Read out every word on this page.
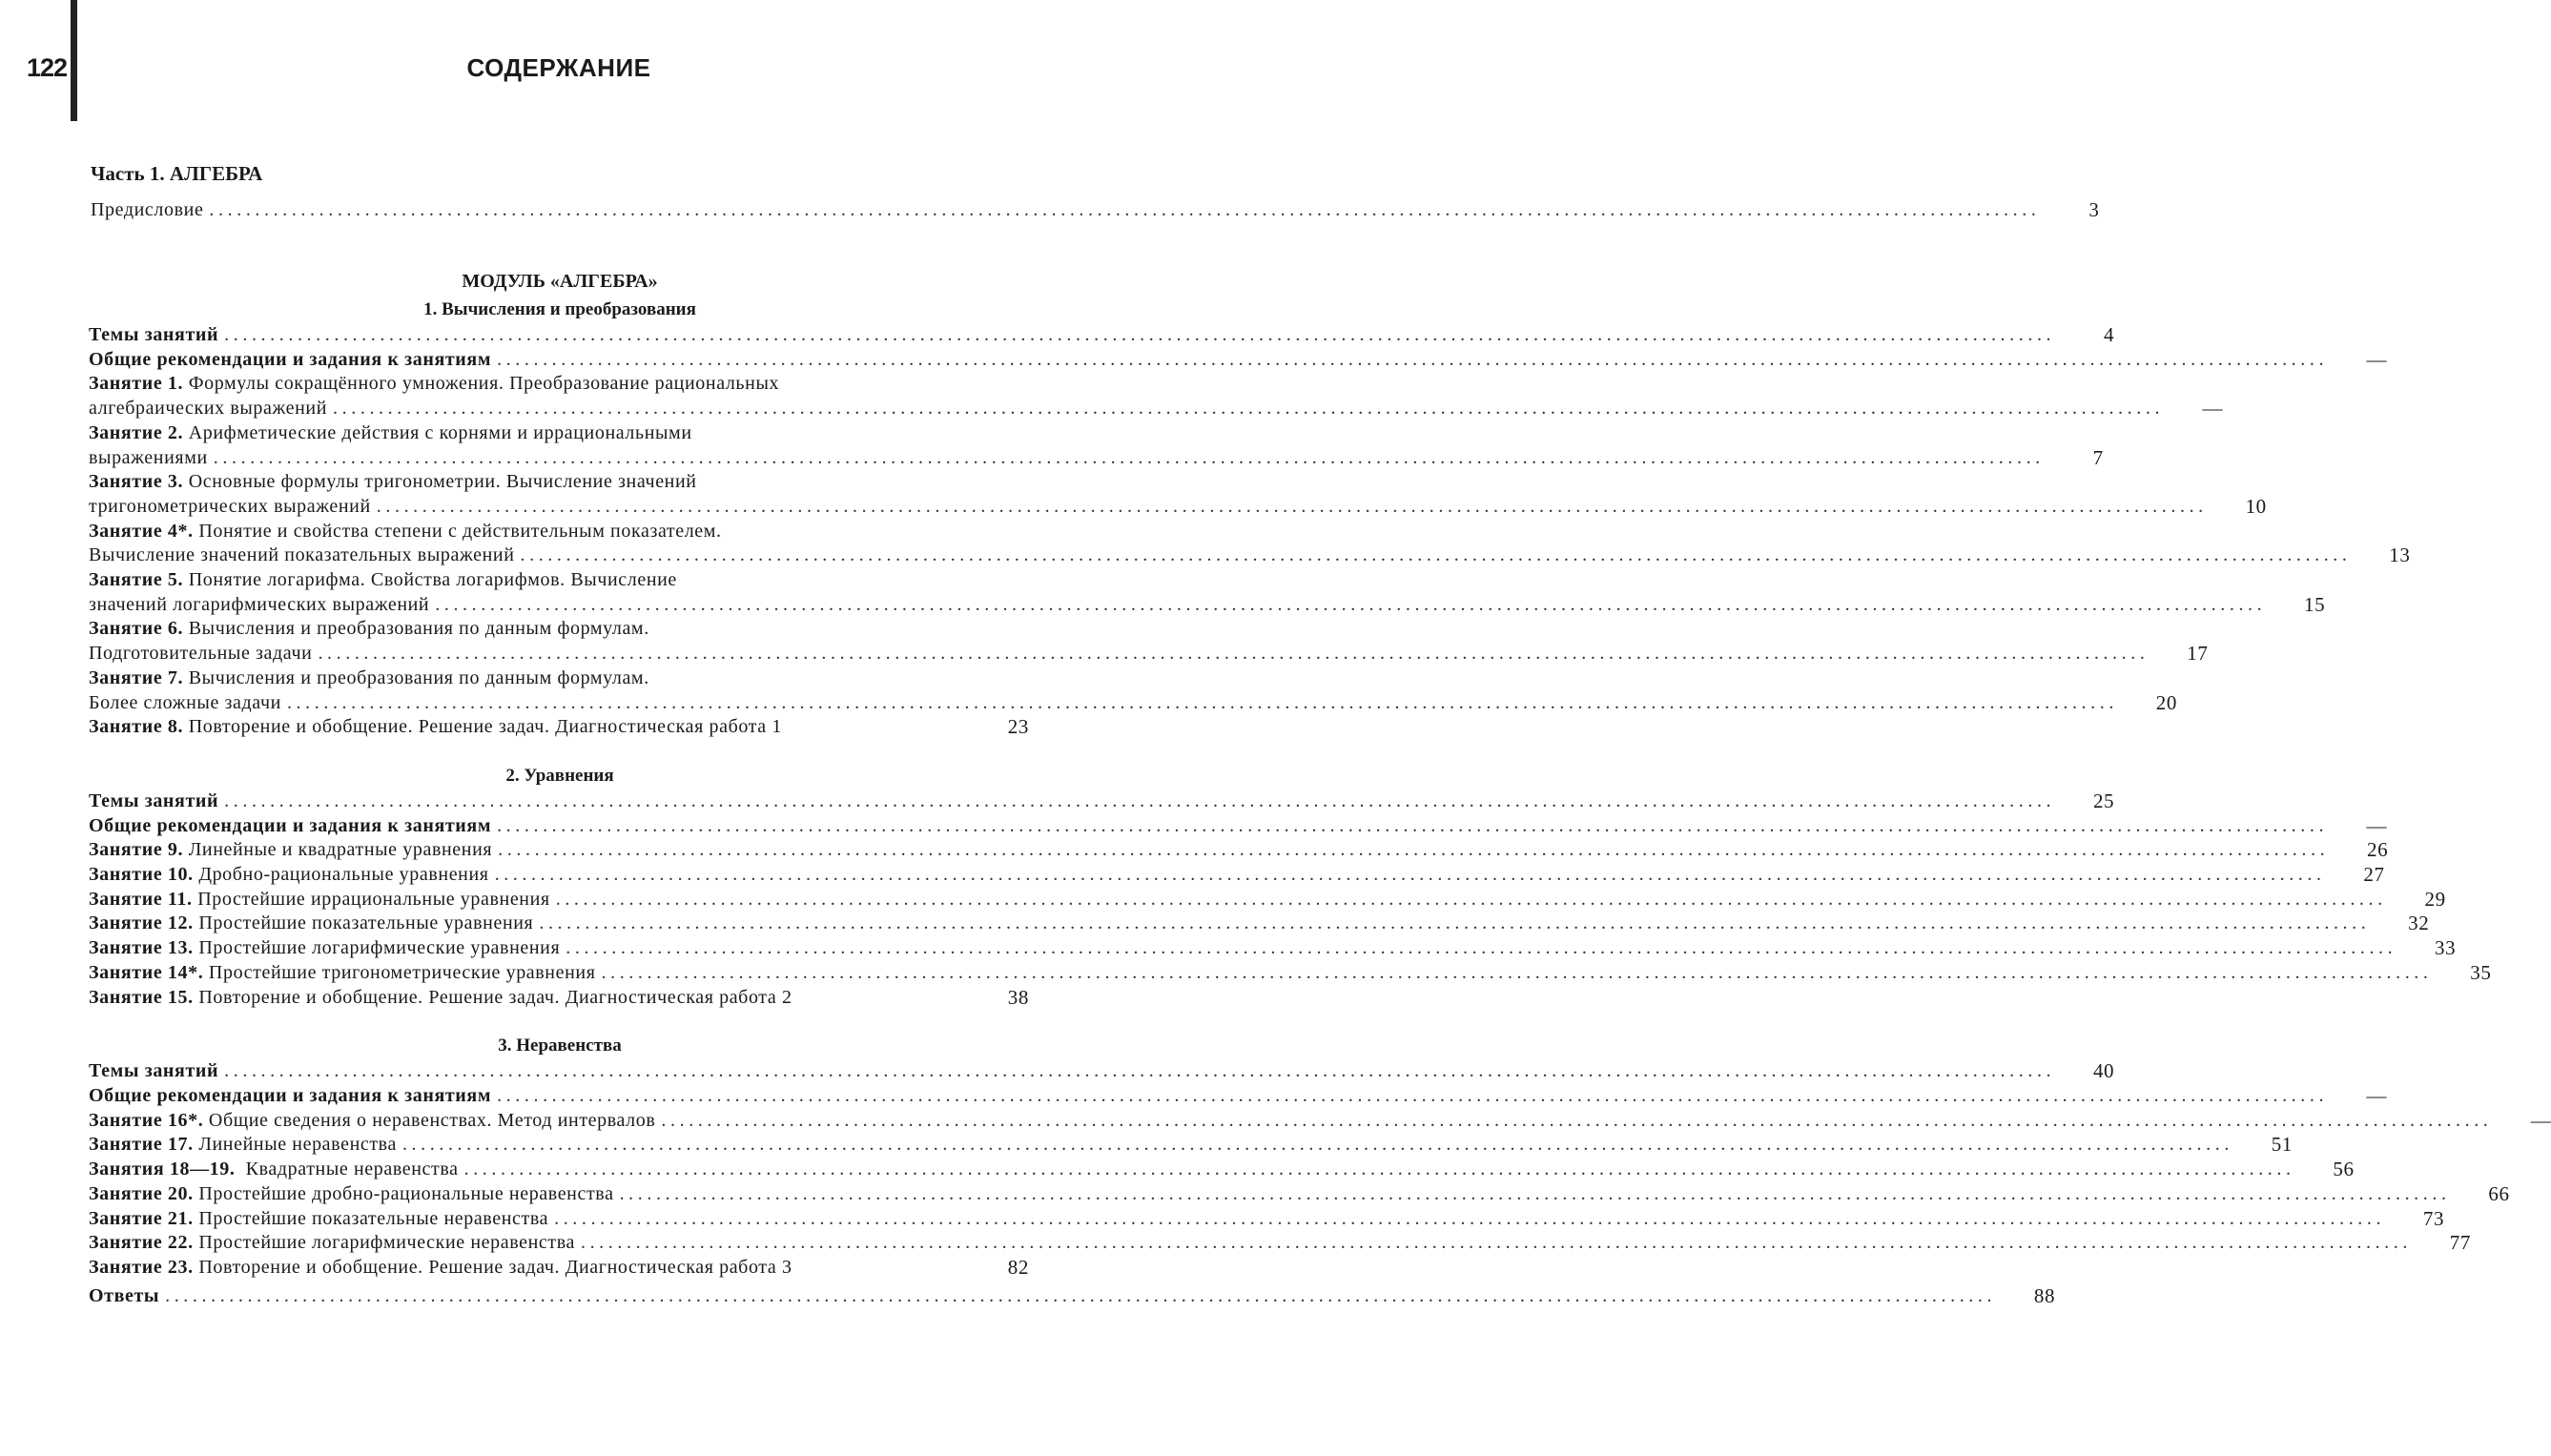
122	СОДЕРЖАНИЕ
Часть 1. АЛГЕБРА
Предисловие ........................................................................................................................................................................................................	3
МОДУЛЬ «АЛГЕБРА»
1. Вычисления и преобразования
Темы занятий ........................................................................................................................................................................................................	4
Общие рекомендации и задания к занятиям ........................................................................................................................................................................................................	—
Занятие 1. Формулы сокращённого умножения. Преобразование рациональных
алгебраических выражений ........................................................................................................................................................................................................	—
Занятие 2. Арифметические действия с корнями и иррациональными
выражениями ........................................................................................................................................................................................................	7
Занятие 3. Основные формулы тригонометрии. Вычисление значений
тригонометрических выражений ........................................................................................................................................................................................................	10
Занятие 4*. Понятие и свойства степени с действительным показателем.
Вычисление значений показательных выражений ........................................................................................................................................................................................................	13
Занятие 5. Понятие логарифма. Свойства логарифмов. Вычисление
значений логарифмических выражений ........................................................................................................................................................................................................	15
Занятие 6. Вычисления и преобразования по данным формулам.
Подготовительные задачи ........................................................................................................................................................................................................	17
Занятие 7. Вычисления и преобразования по данным формулам.
Более сложные задачи ........................................................................................................................................................................................................	20
Занятие 8. Повторение и обобщение. Решение задач. Диагностическая работа 1	23
2. Уравнения
Темы занятий ........................................................................................................................................................................................................	25
Общие рекомендации и задания к занятиям ........................................................................................................................................................................................................	—
Занятие 9. Линейные и квадратные уравнения ........................................................................................................................................................................................................	26
Занятие 10. Дробно-рациональные уравнения ........................................................................................................................................................................................................	27
Занятие 11. Простейшие иррациональные уравнения ........................................................................................................................................................................................................	29
Занятие 12. Простейшие показательные уравнения ........................................................................................................................................................................................................	32
Занятие 13. Простейшие логарифмические уравнения ........................................................................................................................................................................................................	33
Занятие 14*. Простейшие тригонометрические уравнения ........................................................................................................................................................................................................	35
Занятие 15. Повторение и обобщение. Решение задач. Диагностическая работа 2	38
3. Неравенства
Темы занятий ........................................................................................................................................................................................................	40
Общие рекомендации и задания к занятиям ........................................................................................................................................................................................................	—
Занятие 16*. Общие сведения о неравенствах. Метод интервалов ........................................................................................................................................................................................................	—
Занятие 17. Линейные неравенства ........................................................................................................................................................................................................	51
Занятия 18—19.  Квадратные неравенства ........................................................................................................................................................................................................	56
Занятие 20. Простейшие дробно-рациональные неравенства ........................................................................................................................................................................................................	66
Занятие 21. Простейшие показательные неравенства ........................................................................................................................................................................................................	73
Занятие 22. Простейшие логарифмические неравенства ........................................................................................................................................................................................................	77
Занятие 23. Повторение и обобщение. Решение задач. Диагностическая работа 3	82
Ответы ........................................................................................................................................................................................................	88
